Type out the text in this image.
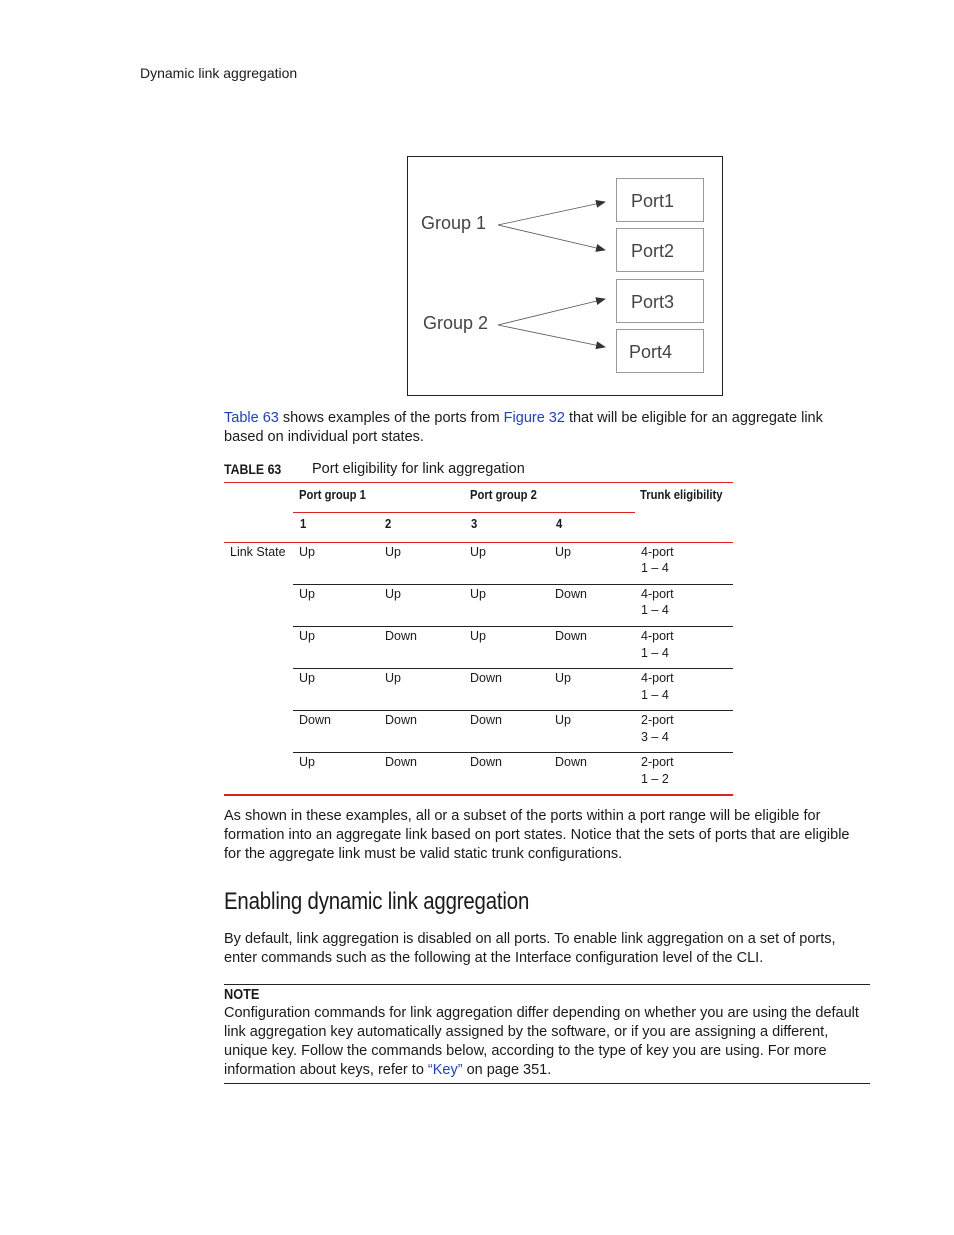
Dynamic link aggregation
Group 1
Group 2
Port1
Port2
Port3
Port4
Table 63 shows examples of the ports from Figure 32 that will be eligible for an aggregate link
based on individual port states.
TABLE 63 Port eligibility for link aggregation
Port group 1	Port group 2	Trunk eligibility
1	2	3	4
Link State Up	Up	Up	Up	4-port
1 – 4
Up	Up	Up	Down	4-port
1 – 4
Up	Down	Up	Down	4-port
1 – 4
Up	Up	Down	Up	4-port
1 – 4
Down	Down	Down	Up	2-port
3 – 4
Up	Down	Down	Down	2-port
1 – 2
As shown in these examples, all or a subset of the ports within a port range will be eligible for
formation into an aggregate link based on port states. Notice that the sets of ports that are eligible
for the aggregate link must be valid static trunk configurations.
Enabling dynamic link aggregation
By default, link aggregation is disabled on all ports. To enable link aggregation on a set of ports,
enter commands such as the following at the Interface configuration level of the CLI.
NOTE
Configuration commands for link aggregation differ depending on whether you are using the default
link aggregation key automatically assigned by the software, or if you are assigning a different,
unique key. Follow the commands below, according to the type of key you are using. For more
information about keys, refer to “Key” on page 351.
